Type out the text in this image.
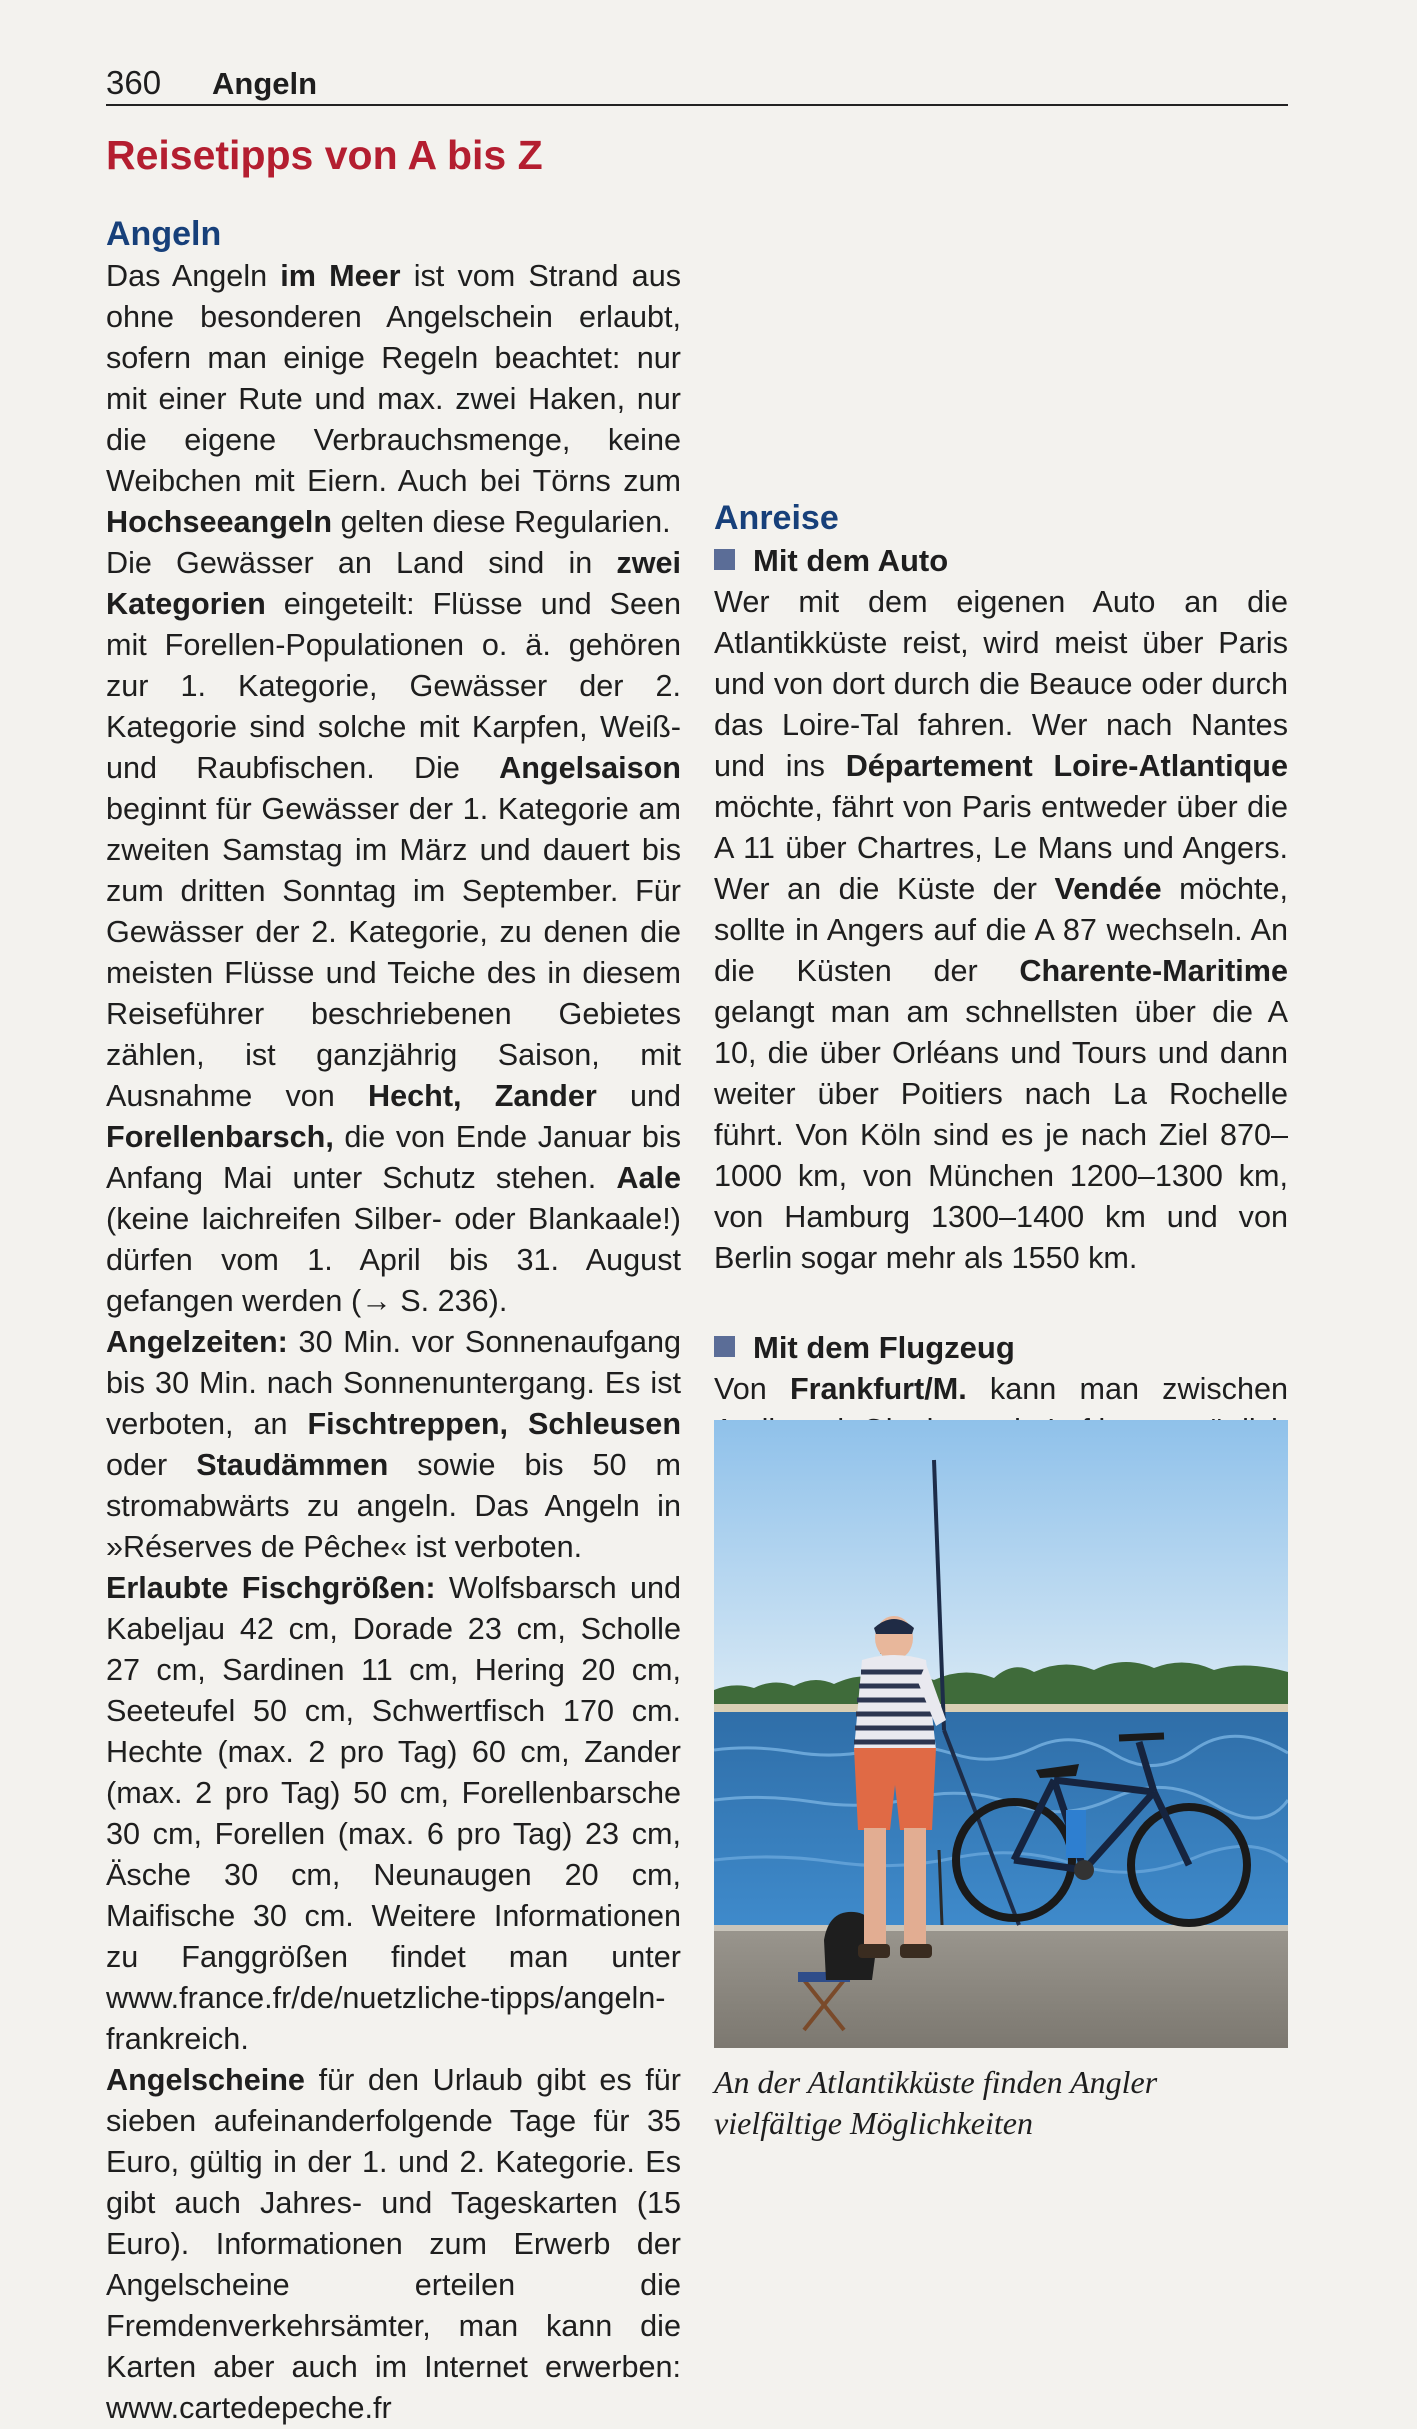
360 Angeln
Reisetipps von A bis Z
Angeln

Das Angeln im Meer ist vom Strand aus ohne besonderen Angelschein erlaubt, sofern man einige Regeln beachtet: nur mit einer Rute und max. zwei Haken, nur die eigene Verbrauchsmenge, keine Weibchen mit Eiern. Auch bei Törns zum Hochseeangeln gelten diese Regularien.

Die Gewässer an Land sind in zwei Kategorien eingeteilt: Flüsse und Seen mit Forellen-Populationen o. ä. gehören zur 1. Kategorie, Gewässer der 2. Kategorie sind solche mit Karpfen, Weiß- und Raubfischen. Die Angelsaison beginnt für Gewässer der 1. Kategorie am zweiten Samstag im März und dauert bis zum dritten Sonntag im September. Für Gewässer der 2. Kategorie, zu denen die meisten Flüsse und Teiche des in diesem Reiseführer beschriebenen Gebietes zählen, ist ganzjährig Saison, mit Ausnahme von Hecht, Zander und Forellenbarsch, die von Ende Januar bis Anfang Mai unter Schutz stehen. Aale (keine laichreifen Silber- oder Blankaale!) dürfen vom 1. April bis 31. August gefangen werden (→ S. 236).

Angelzeiten: 30 Min. vor Sonnenaufgang bis 30 Min. nach Sonnenuntergang. Es ist verboten, an Fischtreppen, Schleusen oder Staudämmen sowie bis 50 m stromabwärts zu angeln. Das Angeln in »Réserves de Pêche« ist verboten.

Erlaubte Fischgrößen: Wolfsbarsch und Kabeljau 42 cm, Dorade 23 cm, Scholle 27 cm, Sardinen 11 cm, Hering 20 cm, Seeteufel 50 cm, Schwertfisch 170 cm. Hechte (max. 2 pro Tag) 60 cm, Zander (max. 2 pro Tag) 50 cm, Forellenbarsche 30 cm, Forellen (max. 6 pro Tag) 23 cm, Äsche 30 cm, Neunaugen 20 cm, Maifische 30 cm. Weitere Informationen zu Fanggrößen findet man unter www.france.fr/de/nuetzliche-tipps/angeln-frankreich.

Angelscheine für den Urlaub gibt es für sieben aufeinanderfolgende Tage für 35 Euro, gültig in der 1. und 2. Kategorie. Es gibt auch Jahres- und Tageskarten (15 Euro). Informationen zum Erwerb der Angelscheine erteilen die Fremdenverkehrsämter, man kann die Karten aber auch im Internet erwerben: www.cartedepeche.fr

Anreise
Mit dem Auto

Wer mit dem eigenen Auto an die Atlantikküste reist, wird meist über Paris und von dort durch die Beauce oder durch das Loire-Tal fahren. Wer nach Nantes und ins Département Loire-Atlantique möchte, fährt von Paris entweder über die A 11 über Chartres, Le Mans und Angers. Wer an die Küste der Vendée möchte, sollte in Angers auf die A 87 wechseln. An die Küsten der Charente-Maritime gelangt man am schnellsten über die A 10, die über Orléans und Tours und dann weiter über Poitiers nach La Rochelle führt. Von Köln sind es je nach Ziel 870–1000 km, von München 1200–1300 km, von Hamburg 1300–1400 km und von Berlin sogar mehr als 1550 km.

Mit dem Flugzeug

Von Frankfurt/M. kann man zwischen

An der Atlantikküste finden Angler
vielfältige Möglichkeiten
